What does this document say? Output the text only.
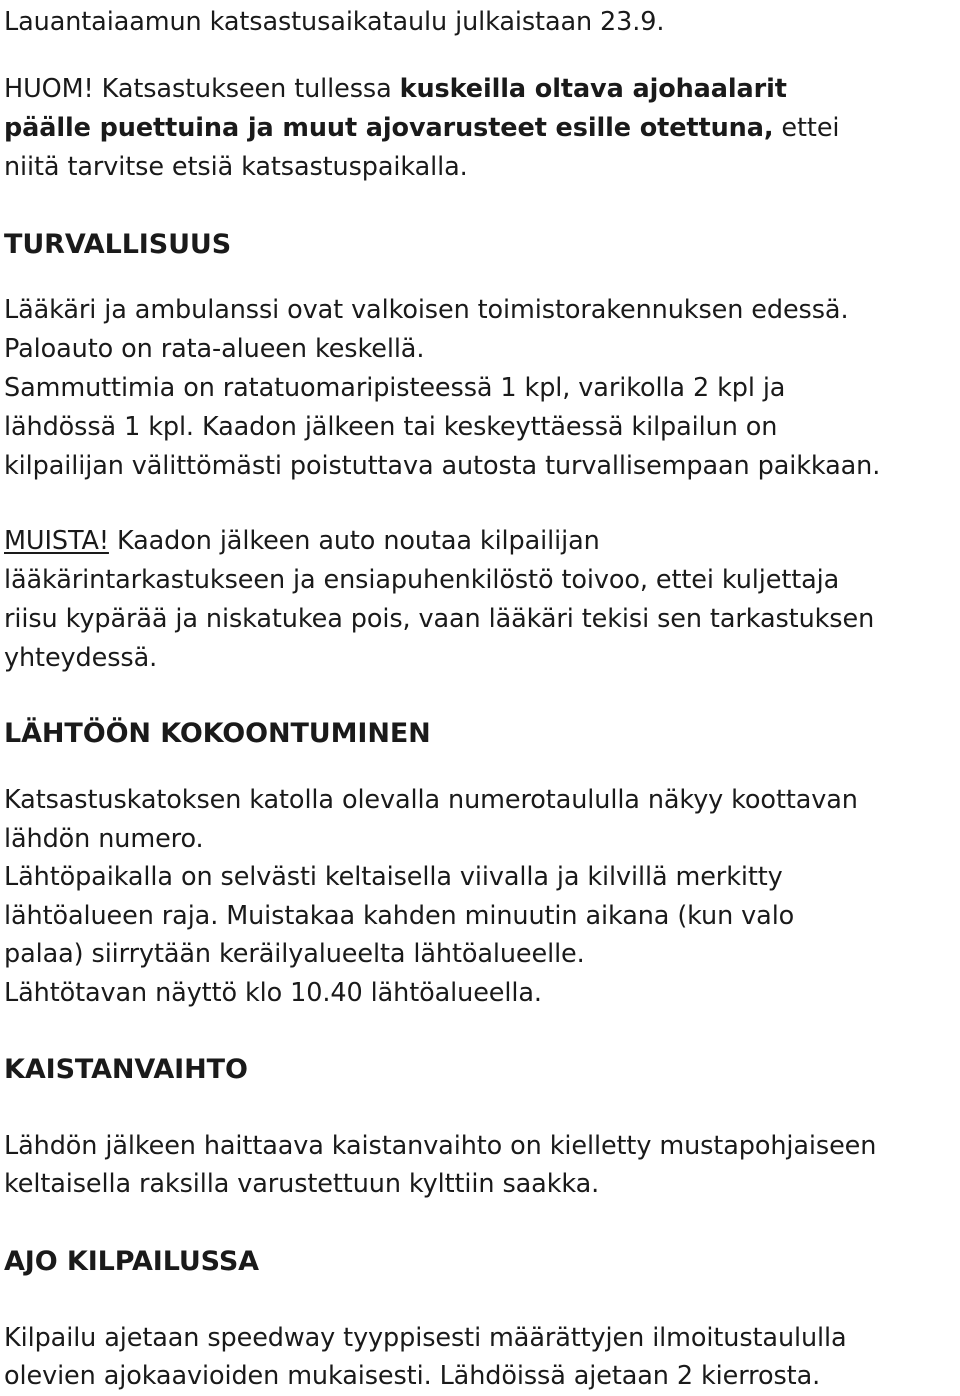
Lauantaiaamun katsastusaikataulu julkaistaan 23.9.
HUOM! Katsastukseen tullessa kuskeilla oltava ajohaalarit
päälle puettuina ja muut ajovarusteet esille otettuna, ettei
niitä tarvitse etsiä katsastuspaikalla.
TURVALLISUUS
Lääkäri ja ambulanssi ovat valkoisen toimistorakennuksen edessä.
Paloauto on rata-alueen keskellä.
Sammuttimia on ratatuomaripisteessä 1 kpl, varikolla 2 kpl ja
lähdössä 1 kpl. Kaadon jälkeen tai keskeyttäessä kilpailun on
kilpailijan välittömästi poistuttava autosta turvallisempaan paikkaan.
MUISTA! Kaadon jälkeen auto noutaa kilpailijan
lääkärintarkastukseen ja ensiapuhenkilöstö toivoo, ettei kuljettaja
riisu kypärää ja niskatukea pois, vaan lääkäri tekisi sen tarkastuksen
yhteydessä.
LÄHTÖÖN KOKOONTUMINEN
Katsastuskatoksen katolla olevalla numerotaululla näkyy koottavan
lähdön numero.
Lähtöpaikalla on selvästi keltaisella viivalla ja kilvillä merkitty
lähtöalueen raja. Muistakaa kahden minuutin aikana (kun valo
palaa) siirrytään keräilyalueelta lähtöalueelle.
Lähtötavan näyttö klo 10.40 lähtöalueella.
KAISTANVAIHTO
Lähdön jälkeen haittaava kaistanvaihto on kielletty mustapohjaiseen
keltaisella raksilla varustettuun kylttiin saakka.
AJO KILPAILUSSA
Kilpailu ajetaan speedway tyyppisesti määrättyjen ilmoitustaululla
olevien ajokaavioiden mukaisesti. Lähdöissä ajetaan 2 kierrosta.
